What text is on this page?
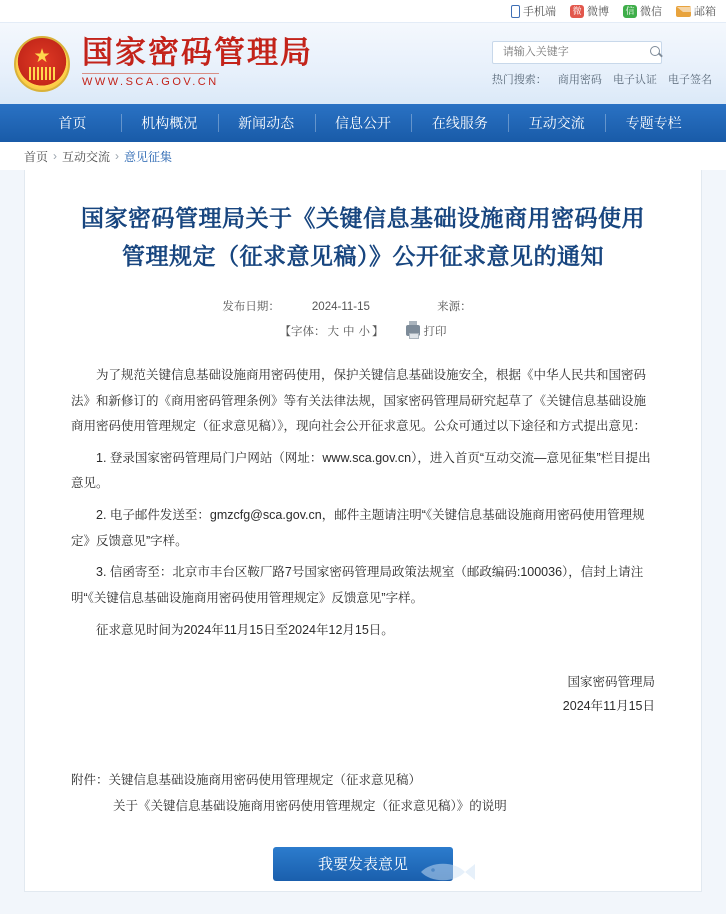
手机端 微 微博 信 微信	邮箱
★
国家密码管理局
WWW.SCA.GOV.CN
请输入关键字	热门搜索： 商用密码 电子认证 电子签名
首页	机构概况	新闻动态	信息公开	在线服务	互动交流	专题专栏
首页 › 互动交流 › 意见征集
国家密码管理局关于《关键信息基础设施商用密码使用管理规定（征求意见稿）》公开征求意见的通知
发布日期：	2024-11-15	来源：
【字体： 大 中 小 】	打印

为了规范关键信息基础设施商用密码使用，保护关键信息基础设施安全，根据《中华人民共和国密码法》和新修订的《商用密码管理条例》等有关法律法规，国家密码管理局研究起草了《关键信息基础设施商用密码使用管理规定（征求意见稿）》，现向社会公开征求意见。公众可通过以下途径和方式提出意见：

1. 登录国家密码管理局门户网站（网址：www.sca.gov.cn），进入首页“互动交流—意见征集”栏目提出意见。

2. 电子邮件发送至：gmzcfg@sca.gov.cn，邮件主题请注明“《关键信息基础设施商用密码使用管理规定》反馈意见”字样。

3. 信函寄至：北京市丰台区鞍厂路7号国家密码管理局政策法规室（邮政编码:100036），信封上请注明“《关键信息基础设施商用密码使用管理规定》反馈意见”字样。

征求意见时间为2024年11月15日至2024年12月15日。

国家密码管理局
2024年11月15日
附件： 关键信息基础设施商用密码使用管理规定（征求意见稿）
关于《关键信息基础设施商用密码使用管理规定（征求意见稿）》的说明
我要发表意见
